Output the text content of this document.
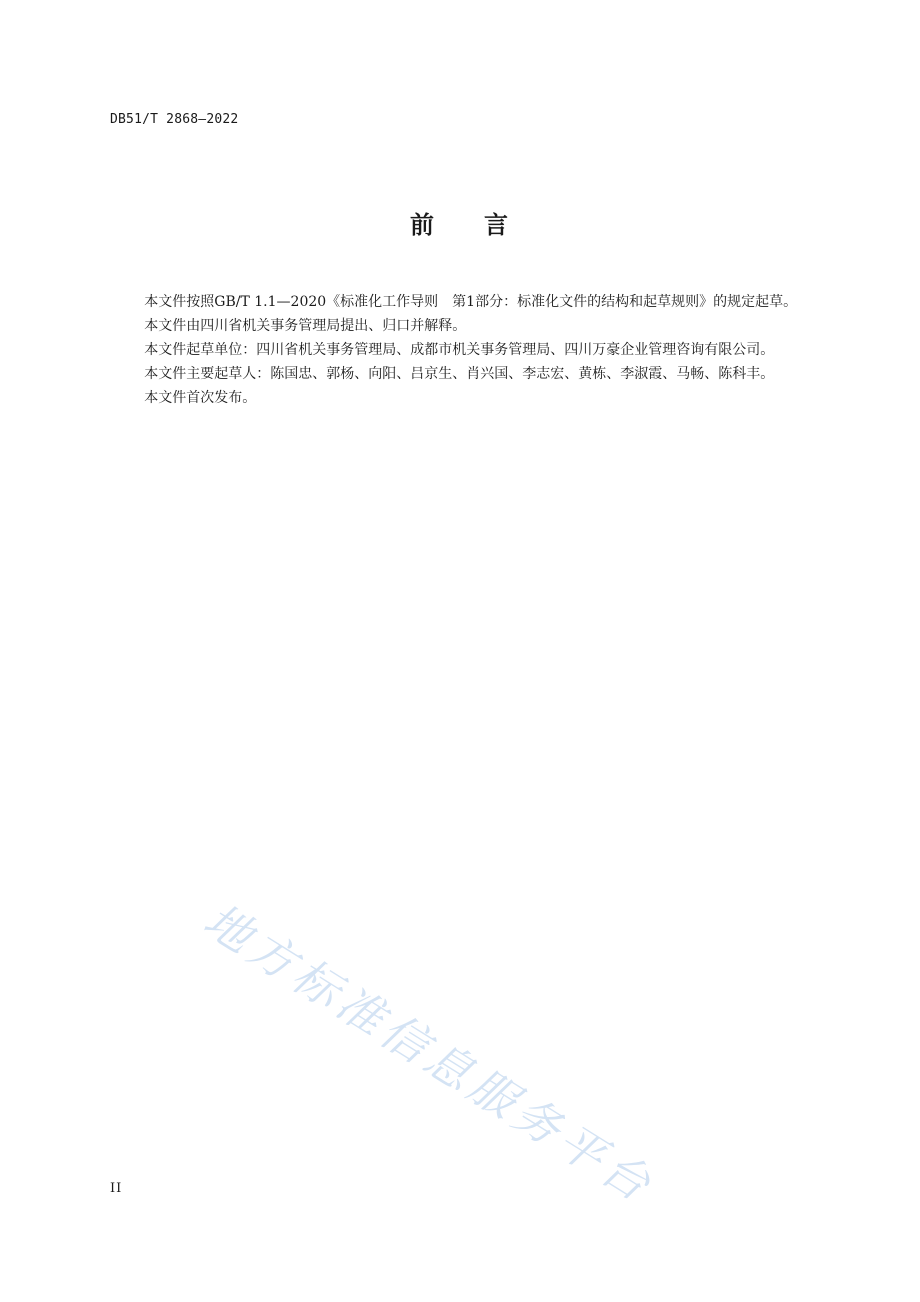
DB51/T 2868—2022
前 言

本文件按照GB/T 1.1—2020《标准化工作导则　第1部分：标准化文件的结构和起草规则》的规定起草。

本文件由四川省机关事务管理局提出、归口并解释。

本文件起草单位：四川省机关事务管理局、成都市机关事务管理局、四川万豪企业管理咨询有限公司。

本文件主要起草人：陈国忠、郭杨、向阳、吕京生、肖兴国、李志宏、黄栋、李淑霞、马畅、陈科丰。

本文件首次发布。

地方标准信息服务平台
II
